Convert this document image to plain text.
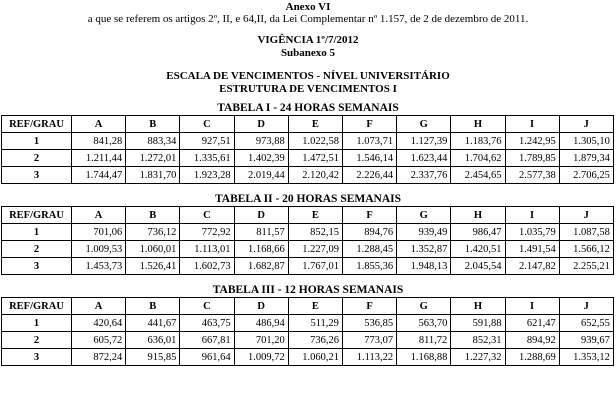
Anexo VI
a que se referem os artigos 2º, II, e 64,II, da Lei Complementar nº 1.157, de 2 de dezembro de 2011.
VIGÊNCIA 1º/7/2012
Subanexo 5
ESCALA DE VENCIMENTOS - NÍVEL UNIVERSITÁRIO
ESTRUTURA DE VENCIMENTOS I
TABELA I - 24 HORAS SEMANAIS
REF/GRAU	A	B	C	D	E	F	G	H	I	J
1	841,28	883,34	927,51	973,88	1.022,58	1.073,71	1.127,39	1.183,76	1.242,95	1.305,10
2	1.211,44	1.272,01	1.335,61	1.402,39	1.472,51	1.546,14	1.623,44	1.704,62	1.789,85	1.879,34
3	1.744,47	1.831,70	1.923,28	2.019,44	2.120,42	2.226,44	2.337,76	2.454,65	2.577,38	2.706,25
TABELA II - 20 HORAS SEMANAIS
REF/GRAU	A	B	C	D	E	F	G	H	I	J
1	701,06	736,12	772,92	811,57	852,15	894,76	939,49	986,47	1.035,79	1.087,58
2	1.009,53	1.060,01	1.113,01	1.168,66	1.227,09	1.288,45	1.352,87	1.420,51	1.491,54	1.566,12
3	1.453,73	1.526,41	1.602,73	1.682,87	1.767,01	1.855,36	1.948,13	2.045,54	2.147,82	2.255,21
TABELA III - 12 HORAS SEMANAIS
REF/GRAU	A	B	C	D	E	F	G	H	I	J
1	420,64	441,67	463,75	486,94	511,29	536,85	563,70	591,88	621,47	652,55
2	605,72	636,01	667,81	701,20	736,26	773,07	811,72	852,31	894,92	939,67
3	872,24	915,85	961,64	1.009,72	1.060,21	1.113,22	1.168,88	1.227,32	1.288,69	1.353,12
